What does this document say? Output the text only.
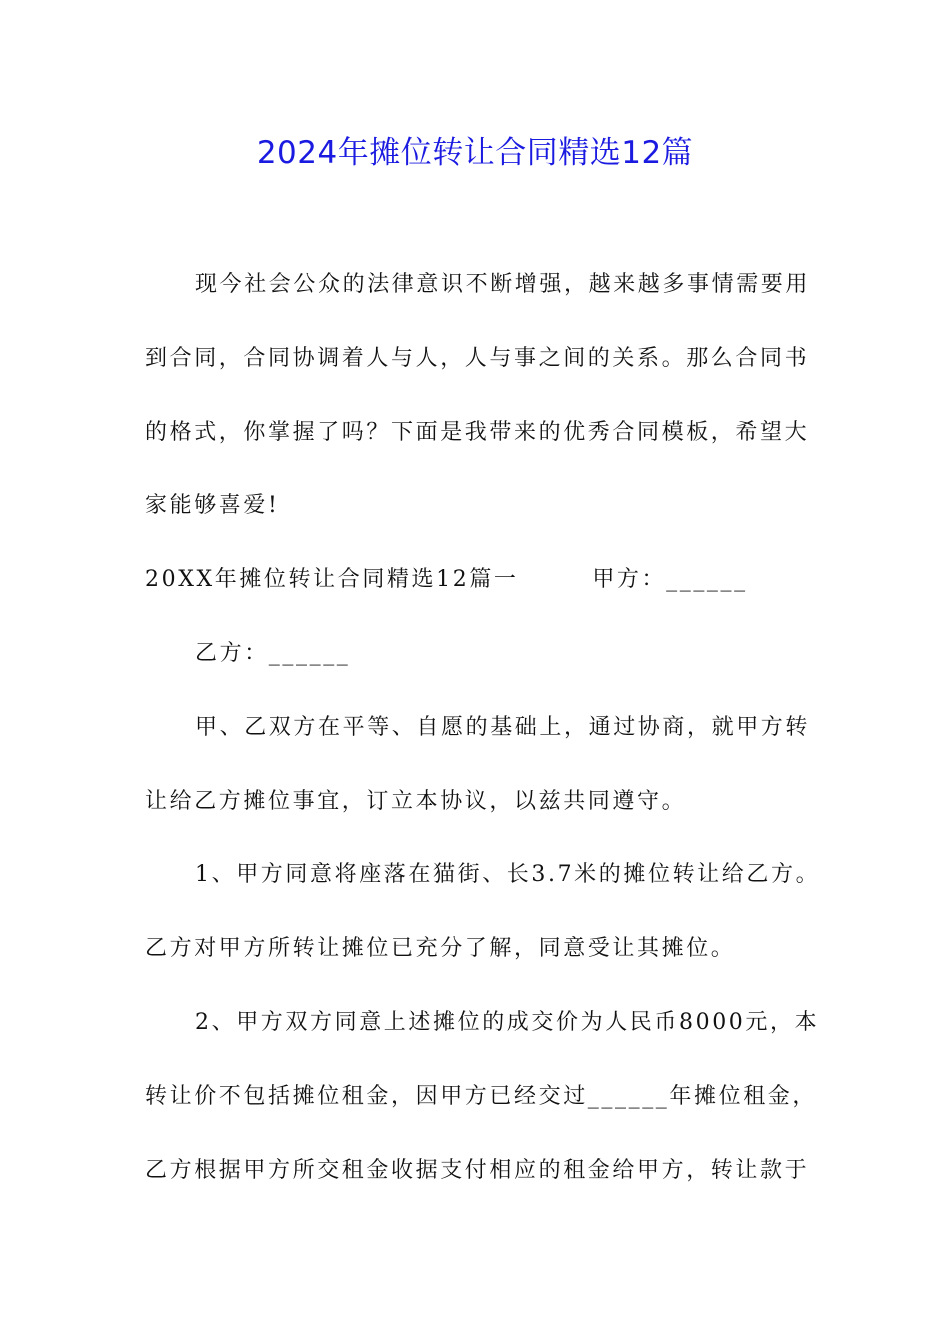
2024年摊位转让合同精选12篇
现今社会公众的法律意识不断增强，越来越多事情需要用
到合同，合同协调着人与人，人与事之间的关系。那么合同书
的格式，你掌握了吗？下面是我带来的优秀合同模板，希望大
家能够喜爱!
20XX年摊位转让合同精选12篇一　　　甲方：______
乙方：______
甲、乙双方在平等、自愿的基础上，通过协商，就甲方转
让给乙方摊位事宜，订立本协议，以兹共同遵守。
1、甲方同意将座落在猫街、长3.7米的摊位转让给乙方。
乙方对甲方所转让摊位已充分了解，同意受让其摊位。
2、甲方双方同意上述摊位的成交价为人民币8000元，本
转让价不包括摊位租金，因甲方已经交过______年摊位租金，
乙方根据甲方所交租金收据支付相应的租金给甲方，转让款于
